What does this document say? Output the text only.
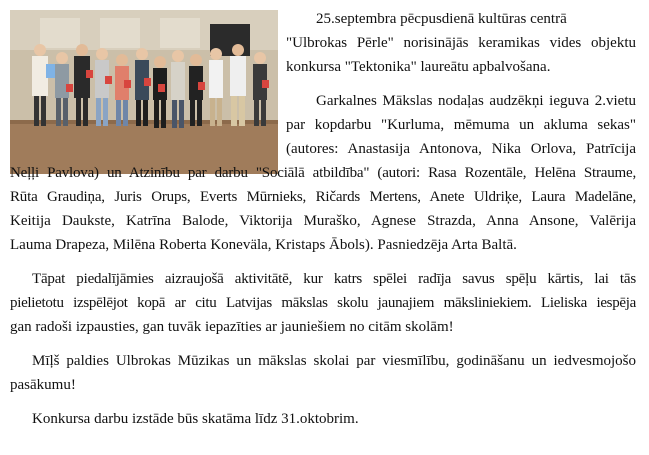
25.septembra pēcpusdienā kultūras centrā
"Ulbrokas Pērle" norisinājās keramikas vides objektu
konkursa "Tektonika" laureātu apbalvošana.
Garkalnes Mākslas nodaļas audzēkņi ieguva 2.vietu
par kopdarbu "Kurluma, mēmuma un akluma sekas"
(autores: Anastasija Antonova, Nika Orlova, Patrīcija
Neļļi Pavlova) un Atzinību par darbu "Sociālā atbildība" (autori: Rasa Rozentāle, Helēna Straume,
Rūta Graudiņa, Juris Orups, Everts Mūrnieks, Ričards Mertens, Anete Uldriķe, Laura Madelāne,
Keitija Daukste, Katrīna Balode, Viktorija Muraško, Agnese Strazda, Anna Ansone, Valērija
Lauma Drapeza, Milēna Roberta Koneväla, Kristaps Ābols). Pasniedzēja Arta Baltā.
Tāpat piedalījāmies aizraujošā aktivitātē, kur katrs spēlei radīja savus spēļu kārtis, lai tās
pielietotu izspēlējot kopā ar citu Latvijas mākslas skolu jaunajiem māksliniekiem. Lieliska iespēja
gan radoši izpausties, gan tuvāk iepazīties ar jauniešiem no citām skolām!
Mīļš paldies Ulbrokas Mūzikas un mākslas skolai par viesmīlību, godināšanu un iedvesmojošo
pasākumu!
Konkursa darbu izstāde būs skatāma līdz 31.oktobrim.
